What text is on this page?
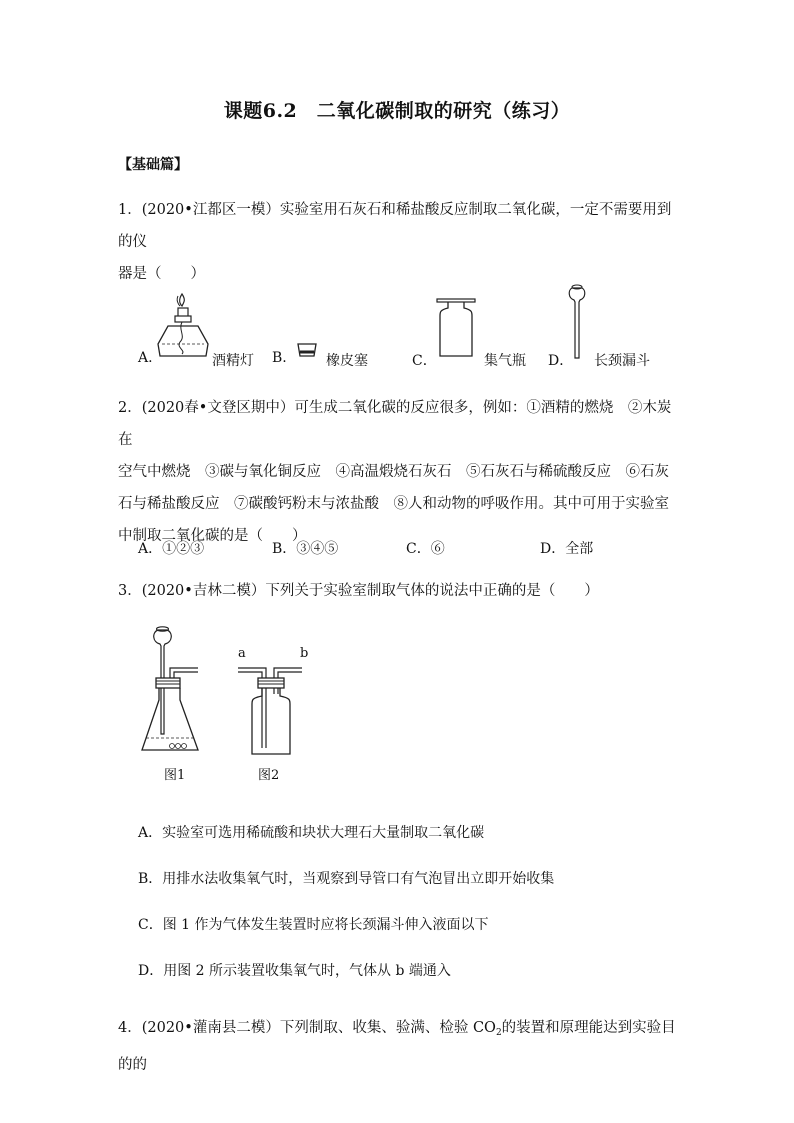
课题6.2　二氧化碳制取的研究（练习）
【基础篇】
1．(2020•江都区一模）实验室用石灰石和稀盐酸反应制取二氧化碳，一定不需要用到的仪
器是（　　）
A.	酒精灯 B.	橡皮塞	C．	集气瓶 D． 长颈漏斗
2．(2020春•文登区期中）可生成二氧化碳的反应很多，例如：①酒精的燃烧　②木炭在
空气中燃烧　③碳与氧化铜反应　④高温煅烧石灰石　⑤石灰石与稀硫酸反应　⑥石灰
石与稀盐酸反应　⑦碳酸钙粉末与浓盐酸　⑧人和动物的呼吸作用。其中可用于实验室
中制取二氧化碳的是（　　）
A．①②③	B．③④⑤	C．⑥	D．全部
3．(2020•吉林二模）下列关于实验室制取气体的说法中正确的是（　　）
图1
a	b
图2
A．实验室可选用稀硫酸和块状大理石大量制取二氧化碳
B．用排水法收集氧气时，当观察到导管口有气泡冒出立即开始收集
C．图 1 作为气体发生装置时应将长颈漏斗伸入液面以下
D．用图 2 所示装置收集氧气时，气体从 b 端通入
4．(2020•灌南县二模）下列制取、收集、验满、检验 $CO_2$的装置和原理能达到实验目的的
